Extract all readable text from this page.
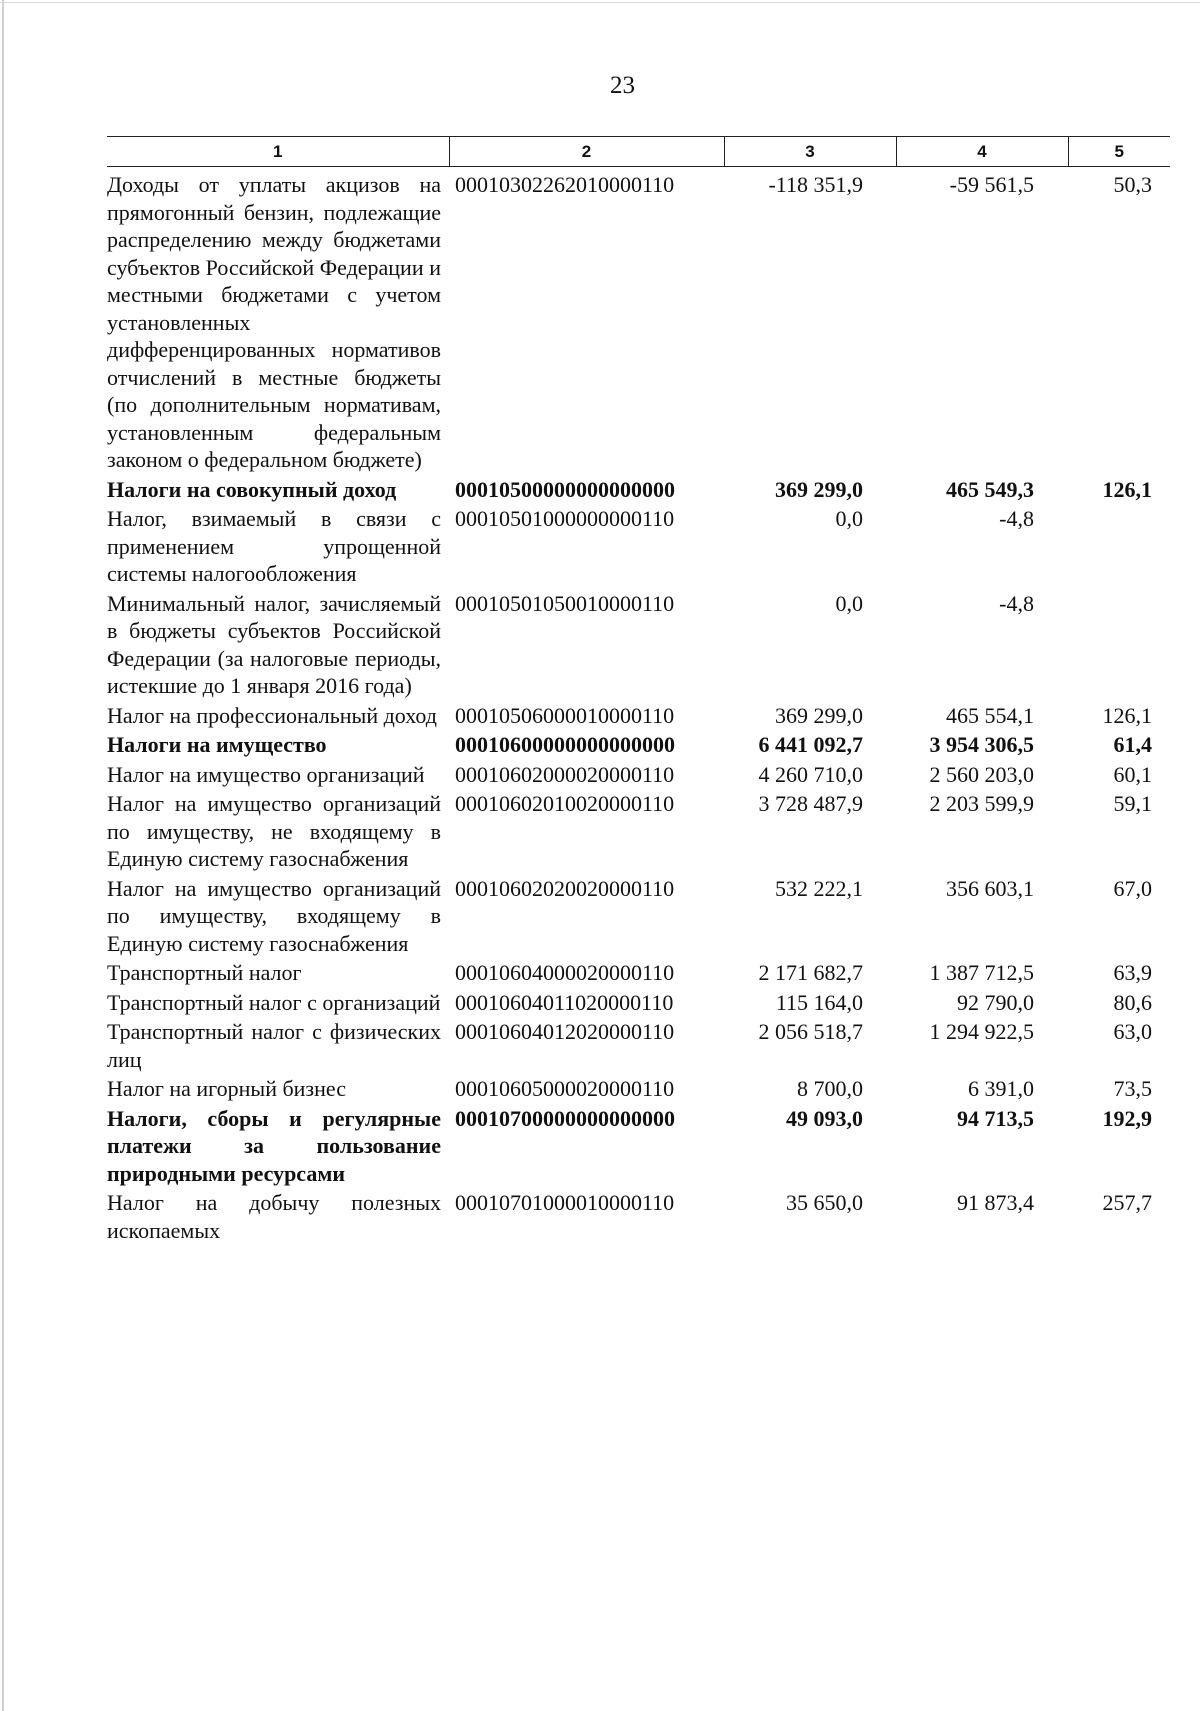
23
1	2	3	4	5
Доходы от уплаты акцизов на прямогонный бензин, подлежащие распределению между бюджетами субъектов Российской Федерации и местными бюджетами с учетом установленных дифференцированных нормативов отчислений в местные бюджеты (по дополнительным нормативам, установленным федеральным законом о федеральном бюджете)	00010302262010000110	-118 351,9	-59 561,5	50,3
Налоги на совокупный доход	00010500000000000000	369 299,0	465 549,3	126,1
Налог, взимаемый в связи с применением упрощенной системы налогообложения	00010501000000000110	0,0	-4,8	
Минимальный налог, зачисляемый в бюджеты субъектов Российской Федерации (за налоговые периоды, истекшие до 1 января 2016 года)	00010501050010000110	0,0	-4,8	
Налог на профессиональный доход	00010506000010000110	369 299,0	465 554,1	126,1
Налоги на имущество	00010600000000000000	6 441 092,7	3 954 306,5	61,4
Налог на имущество организаций	00010602000020000110	4 260 710,0	2 560 203,0	60,1
Налог на имущество организаций по имуществу, не входящему в Единую систему газоснабжения	00010602010020000110	3 728 487,9	2 203 599,9	59,1
Налог на имущество организаций по имуществу, входящему в Единую систему газоснабжения	00010602020020000110	532 222,1	356 603,1	67,0
Транспортный налог	00010604000020000110	2 171 682,7	1 387 712,5	63,9
Транспортный налог с организаций	00010604011020000110	115 164,0	92 790,0	80,6
Транспортный налог с физических лиц	00010604012020000110	2 056 518,7	1 294 922,5	63,0
Налог на игорный бизнес	00010605000020000110	8 700,0	6 391,0	73,5
Налоги, сборы и регулярные платежи за пользование природными ресурсами	00010700000000000000	49 093,0	94 713,5	192,9
Налог на добычу полезных ископаемых	00010701000010000110	35 650,0	91 873,4	257,7
